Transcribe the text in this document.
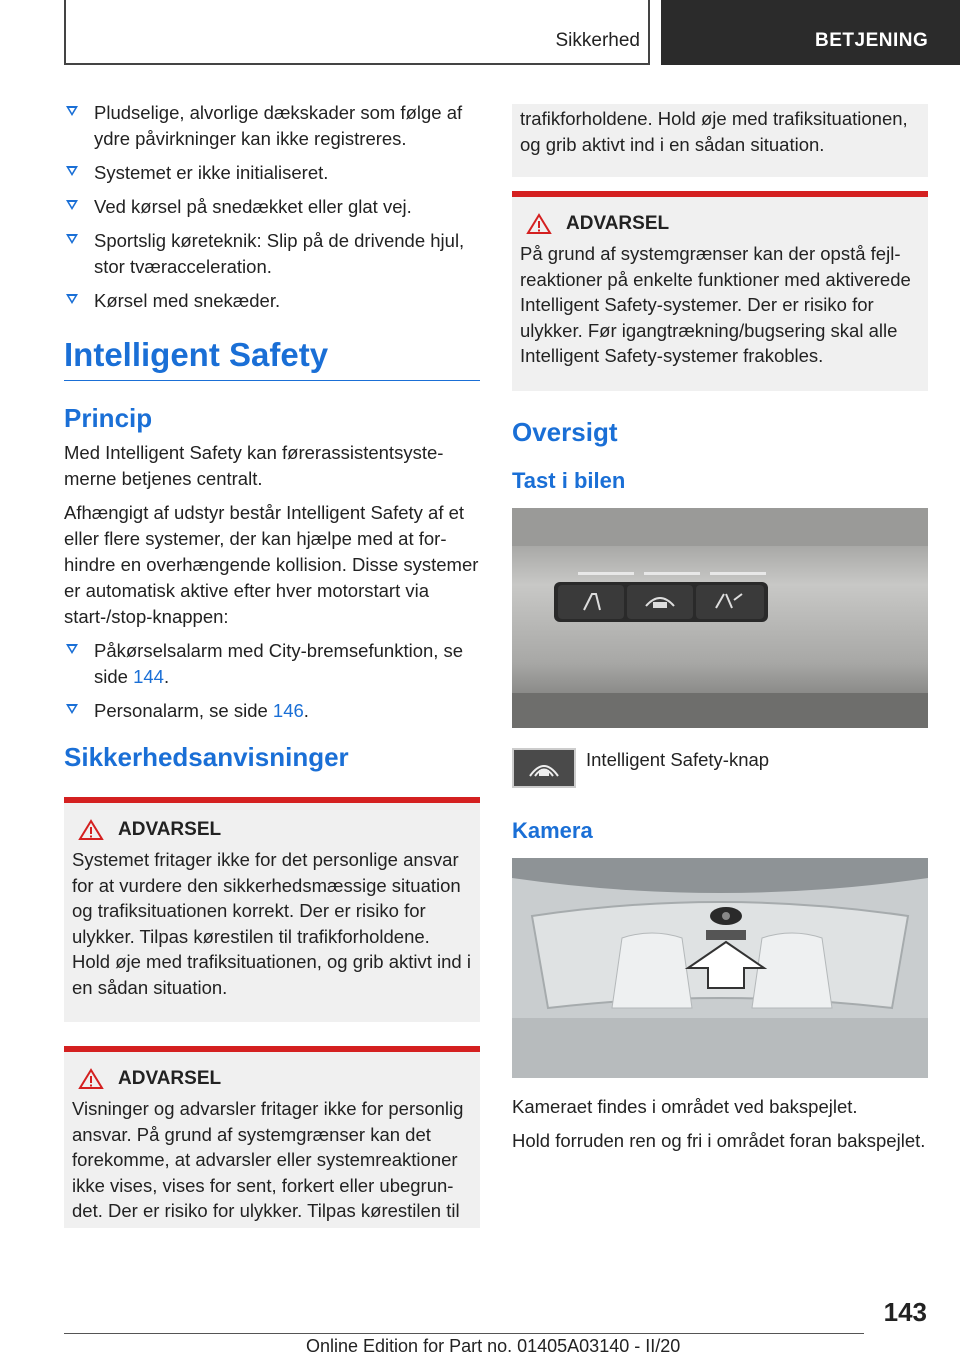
Sikkerhed	BETJENING
Pludselige, alvorlige dækskader som følge af ydre påvirkninger kan ikke registreres.
Systemet er ikke initialiseret.
Ved kørsel på snedækket eller glat vej.
Sportslig køreteknik: Slip på de drivende hjul, stor tværacceleration.
Kørsel med snekæder.
Intelligent Safety
Princip

Med Intelligent Safety kan førerassistentsystemerne betjenes centralt.

Afhængigt af udstyr består Intelligent Safety af et eller flere systemer, der kan hjælpe med at forhindre en overhængende kollision. Disse systemer er automatisk aktive efter hver motorstart via start-/stop-knappen:

Påkørselsalarm med City-bremsefunktion, se side 144.
Personalarm, se side 146.
Sikkerhedsanvisninger
ADVARSEL

Systemet fritager ikke for det personlige ansvar for at vurdere den sikkerhedsmæssige situation og trafiksituationen korrekt. Der er risiko for ulykker. Tilpas kørestilen til trafikforholdene. Hold øje med trafiksituationen, og grib aktivt ind i en sådan situation.

ADVARSEL

Visninger og advarsler fritager ikke for personlig ansvar. På grund af systemgrænser kan det forekomme, at advarsler eller systemreaktioner ikke vises, vises for sent, forkert eller ubegrundet. Der er risiko for ulykker. Tilpas kørestilen til

trafikforholdene. Hold øje med trafiksituationen, og grib aktivt ind i en sådan situation.

ADVARSEL

På grund af systemgrænser kan der opstå fejlreaktioner på enkelte funktioner med aktiverede Intelligent Safety-systemer. Der er risiko for ulykker. Før igangtrækning/bugsering skal alle Intelligent Safety-systemer frakobles.

Oversigt
Tast i bilen
Intelligent Safety-knap
Kamera

Kameraet findes i området ved bakspejlet.

Hold forruden ren og fri i området foran bakspejlet.

143
Online Edition for Part no. 01405A03140 - II/20
